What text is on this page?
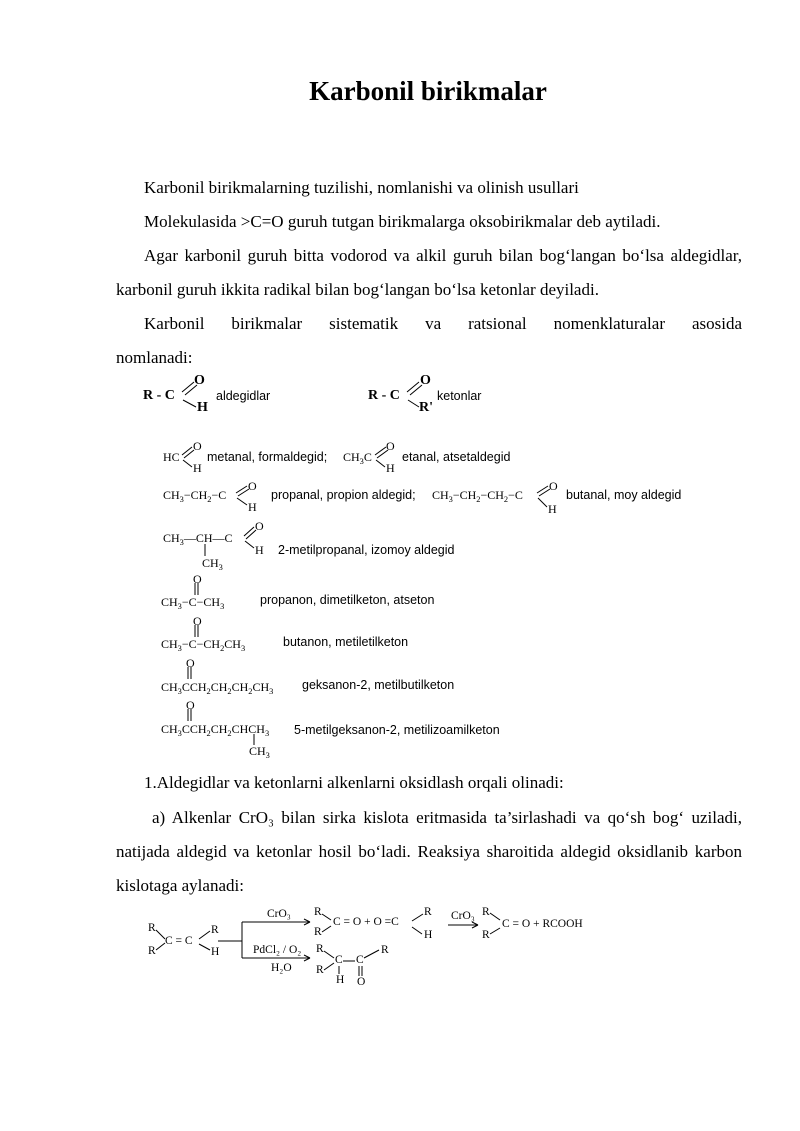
Karbonil birikmalar
Karbonil birikmalarning tuzilishi, nomlanishi va olinish usullari
Molekulasida >C=O guruh tutgan birikmalarga oksobirikmalar deb aytiladi.
Agar karbonil guruh bitta vodorod va alkil guruh bilan bog‘langan bo‘lsa aldegidlar, karbonil guruh ikkita radikal bilan bog‘langan bo‘lsa ketonlar deyiladi.
Karbonil birikmalar sistematik va ratsional nomenklaturalar asosida
nomlanadi:
R - C
O
H
aldegidlar	R - C
O
R'
ketonlar
HC
O
H
metanal, formaldegid; $CH_3C$
O
H
etanal, atsetaldegid
$CH_3-CH_2-C$
O
H
propanal, propion aldegid; $CH_3-CH_2-CH_2-C$
O
H
butanal, moy aldegid
$CH_3—CH—C$
O
H
$CH_3$
2-metilpropanal, izomoy aldegid
O
$CH_3-C-CH_3$	propanon, dimetilketon, atseton
O
$CH_3-C-CH_2CH_3$	butanon, metiletilketon
O
$CH_3CCH_2CH_2CH_2CH_3$ geksanon-2, metilbutilketon
O
$CH_3CCH_2CH_2CHCH_3$
$CH_3$
5-metilgeksanon-2, metilizoamilketon
1.Aldegidlar va ketonlarni alkenlarni oksidlash orqali olinadi:
a) Alkenlar CrO₃ bilan sirka kislota eritmasida ta’sirlashadi va qo‘sh bog‘ uziladi, natijada aldegid va ketonlar hosil bo‘ladi. Reaksiya sharoitida aldegid oksidlanib karbon kislotaga aylanadi:
R
R
C = C
R
H
CrO₃
PdCl₂ / O₂
H₂O
R
R
C = O + O =C
R
H
CrO₃ R
R
C = O + RCOOH
R
R
C C
R
H O
